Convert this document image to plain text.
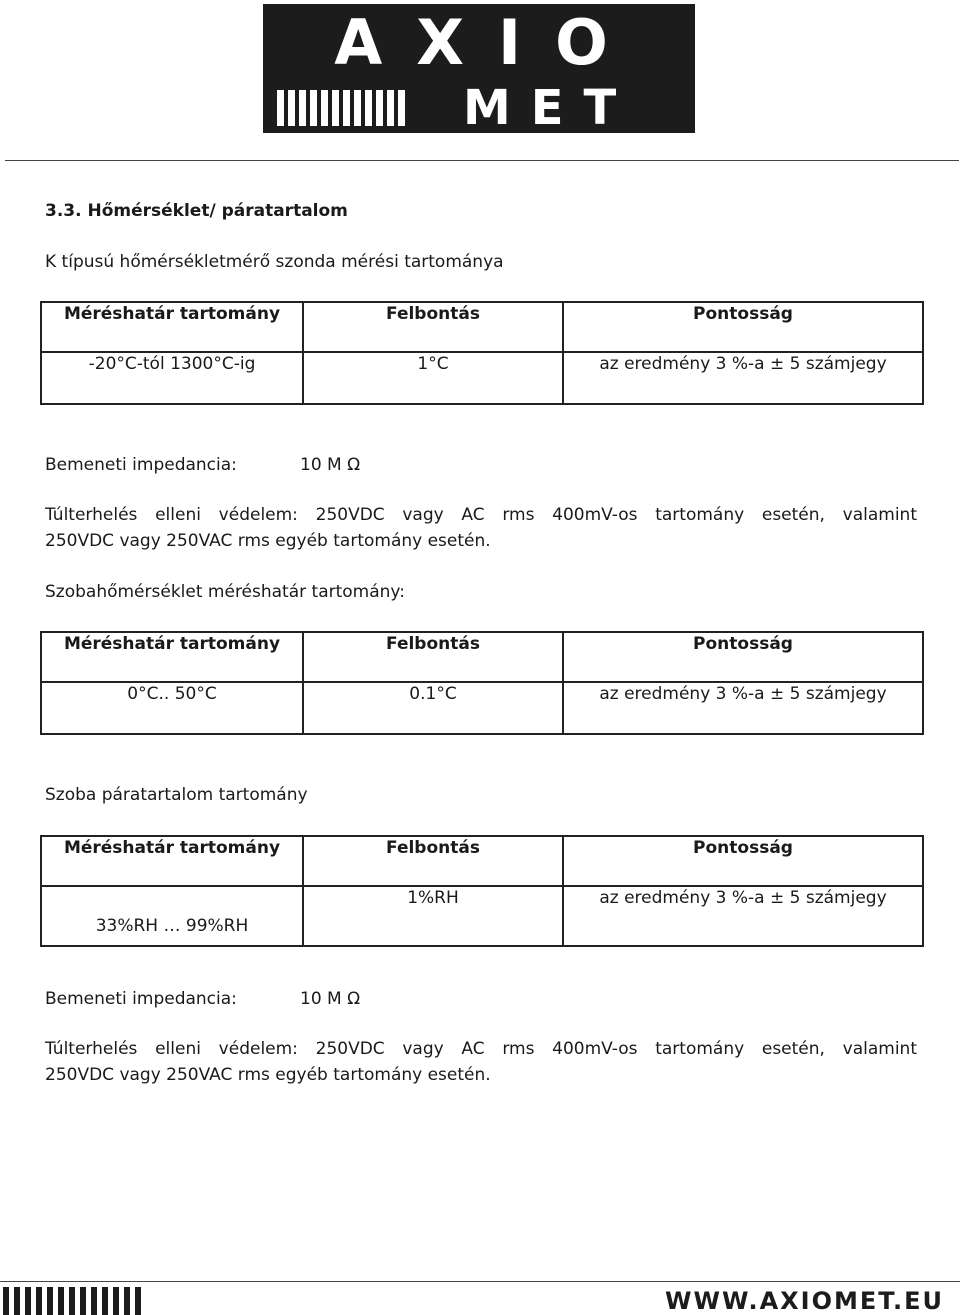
AXIO
MET
3.3. Hőmérséklet/ páratartalom
K típusú hőmérsékletmérő szonda mérési tartománya
Méréshatár tartomány	Felbontás	Pontosság
-20°C-tól 1300°C-ig	1°C	az eredmény 3 %-a ± 5 számjegy
Bemeneti impedancia:	10 M Ω
Túlterhelés elleni védelem: 250VDC vagy AC rms 400mV-os tartomány esetén, valamint
250VDC vagy 250VAC rms egyéb tartomány esetén.
Szobahőmérséklet méréshatár tartomány:
Méréshatár tartomány	Felbontás	Pontosság
0°C.. 50°C	0.1°C	az eredmény 3 %-a ± 5 számjegy
Szoba páratartalom tartomány
Méréshatár tartomány	Felbontás	Pontosság
33%RH … 99%RH	1%RH	az eredmény 3 %-a ± 5 számjegy
Bemeneti impedancia:	10 M Ω
Túlterhelés elleni védelem: 250VDC vagy AC rms 400mV-os tartomány esetén, valamint
250VDC vagy 250VAC rms egyéb tartomány esetén.
WWW.AXIOMET.EU
